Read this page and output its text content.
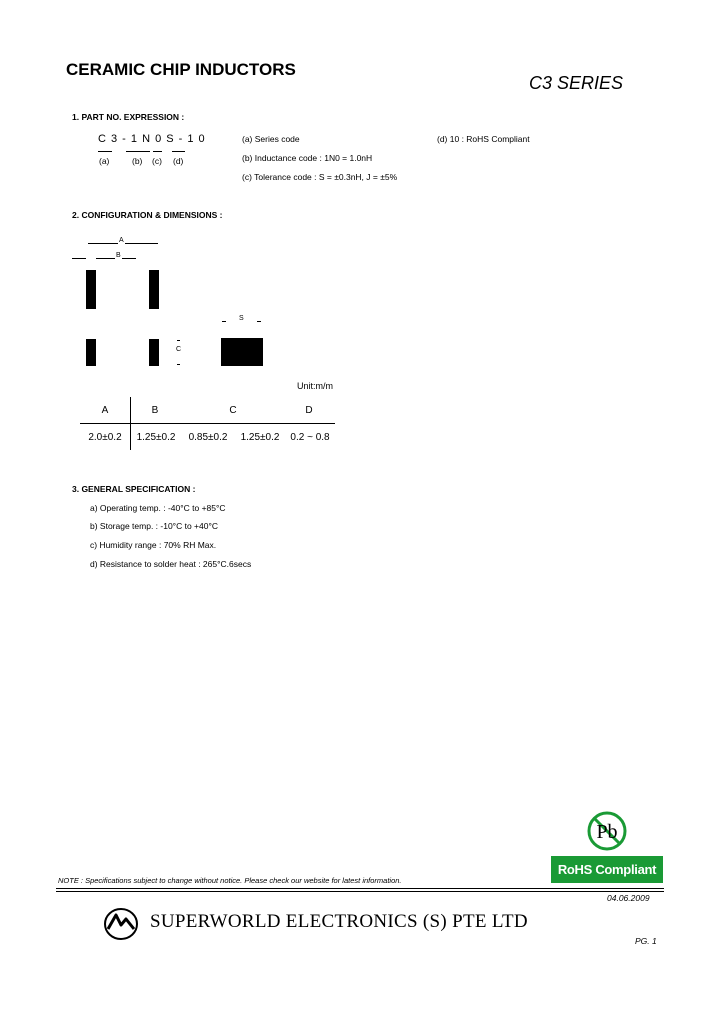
CERAMIC CHIP INDUCTORS
C3 SERIES
1. PART NO. EXPRESSION :
C 3 - 1 N 0 S - 1 0
(a)	(b) (c) (d)
(a) Series code
(b) Inductance code : 1N0 = 1.0nH
(c) Tolerance code : S = ±0.3nH, J = ±5%
(d) 10 : RoHS Compliant
2. CONFIGURATION & DIMENSIONS :
A
B
C
S
Unit:m/m
A	B	C	D
2.0±0.2	1.25±0.2	0.85±0.2	1.25±0.2	0.2 ~ 0.8
3. GENERAL SPECIFICATION :
a) Operating temp. : -40°C to +85°C
b) Storage temp. : -10°C to +40°C
c) Humidity range : 70% RH Max.
d) Resistance to solder heat : 265°C.6secs
Pb
RoHS Compliant
NOTE : Specifications subject to change without notice. Please check our website for latest information.
04.06.2009
SUPERWORLD ELECTRONICS (S) PTE LTD
PG. 1
